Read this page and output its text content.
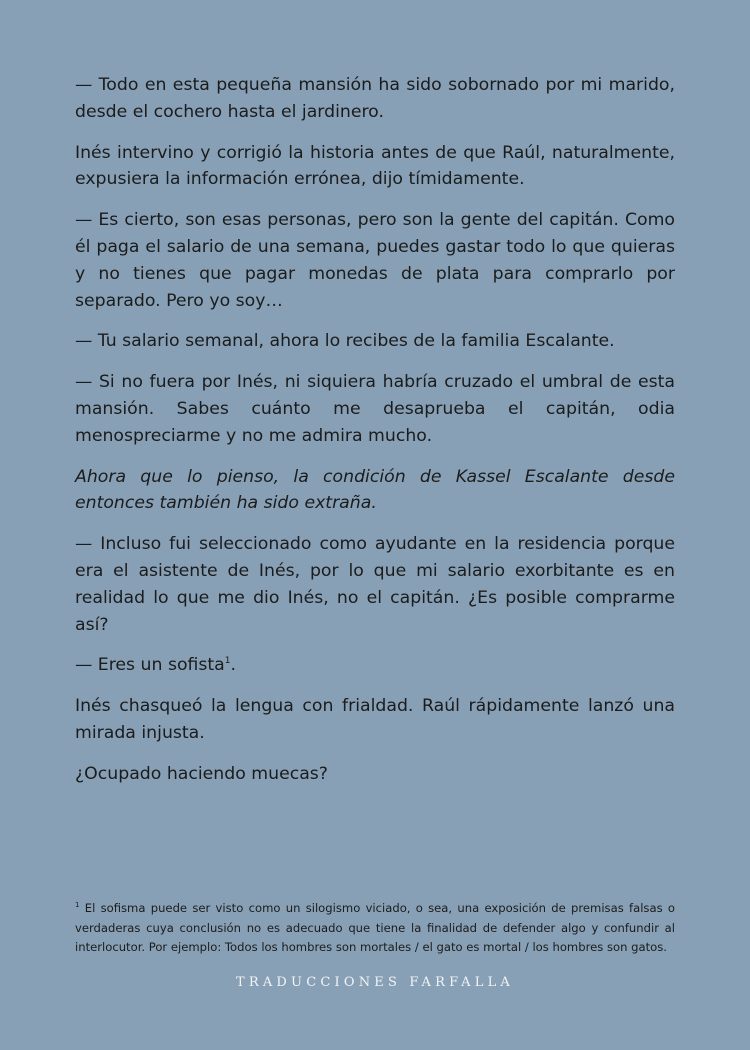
— Todo en esta pequeña mansión ha sido sobornado por mi marido, desde el cochero hasta el jardinero.

Inés intervino y corrigió la historia antes de que Raúl, naturalmente, expusiera la información errónea, dijo tímidamente.

— Es cierto, son esas personas, pero son la gente del capitán. Como él paga el salario de una semana, puedes gastar todo lo que quieras y no tienes que pagar monedas de plata para comprarlo por separado. Pero yo soy…

— Tu salario semanal, ahora lo recibes de la familia Escalante.

— Si no fuera por Inés, ni siquiera habría cruzado el umbral de esta mansión. Sabes cuánto me desaprueba el capitán, odia menospreciarme y no me admira mucho.

Ahora que lo pienso, la condición de Kassel Escalante desde entonces también ha sido extraña.

— Incluso fui seleccionado como ayudante en la residencia porque era el asistente de Inés, por lo que mi salario exorbitante es en realidad lo que me dio Inés, no el capitán. ¿Es posible comprarme así?

— Eres un sofista$^1$.

Inés chasqueó la lengua con frialdad. Raúl rápidamente lanzó una mirada injusta.

¿Ocupado haciendo muecas?

$^1$ El sofisma puede ser visto como un silogismo viciado, o sea, una exposición de premisas falsas o verdaderas cuya conclusión no es adecuado que tiene la finalidad de defender algo y confundir al interlocutor. Por ejemplo: Todos los hombres son mortales / el gato es mortal / los hombres son gatos.
TRADUCCIONES FARFALLA
